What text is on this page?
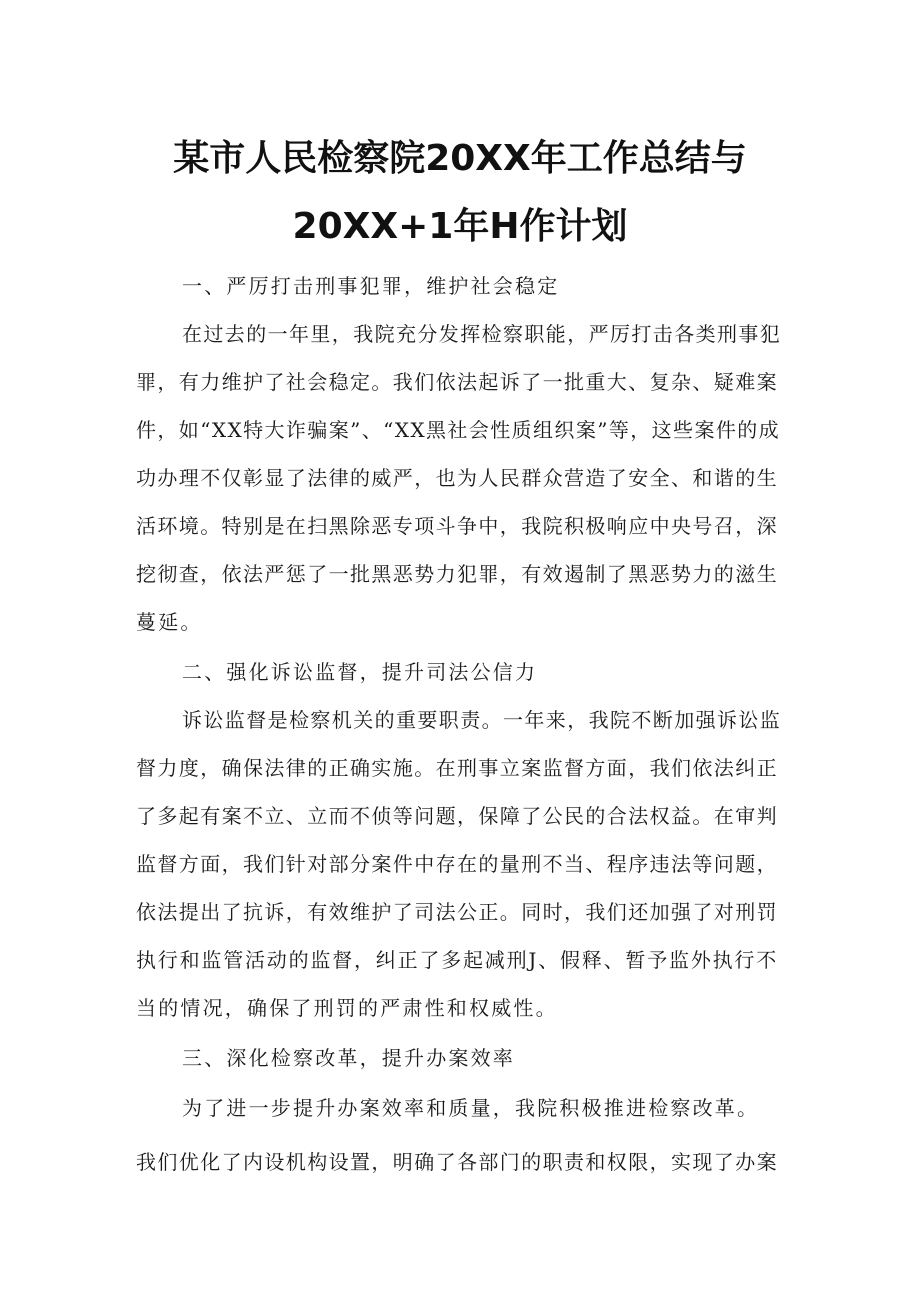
某市人民检察院20XX年工作总结与
20XX+1年H作计划
一、严厉打击刑事犯罪，维护社会稳定
在过去的一年里，我院充分发挥检察职能，严厉打击各类刑事犯
罪，有力维护了社会稳定。我们依法起诉了一批重大、复杂、疑难案
件，如“XX特大诈骗案”、“XX黑社会性质组织案”等，这些案件的成
功办理不仅彰显了法律的威严，也为人民群众营造了安全、和谐的生
活环境。特别是在扫黑除恶专项斗争中，我院积极响应中央号召，深
挖彻查，依法严惩了一批黑恶势力犯罪，有效遏制了黑恶势力的滋生
蔓延。
二、强化诉讼监督，提升司法公信力
诉讼监督是检察机关的重要职责。一年来，我院不断加强诉讼监
督力度，确保法律的正确实施。在刑事立案监督方面，我们依法纠正
了多起有案不立、立而不侦等问题，保障了公民的合法权益。在审判
监督方面，我们针对部分案件中存在的量刑不当、程序违法等问题，
依法提出了抗诉，有效维护了司法公正。同时，我们还加强了对刑罚
执行和监管活动的监督，纠正了多起减刑J、假释、暂予监外执行不
当的情况，确保了刑罚的严肃性和权威性。
三、深化检察改革，提升办案效率
为了进一步提升办案效率和质量，我院积极推进检察改革。
我们优化了内设机构设置，明确了各部门的职责和权限，实现了办案
